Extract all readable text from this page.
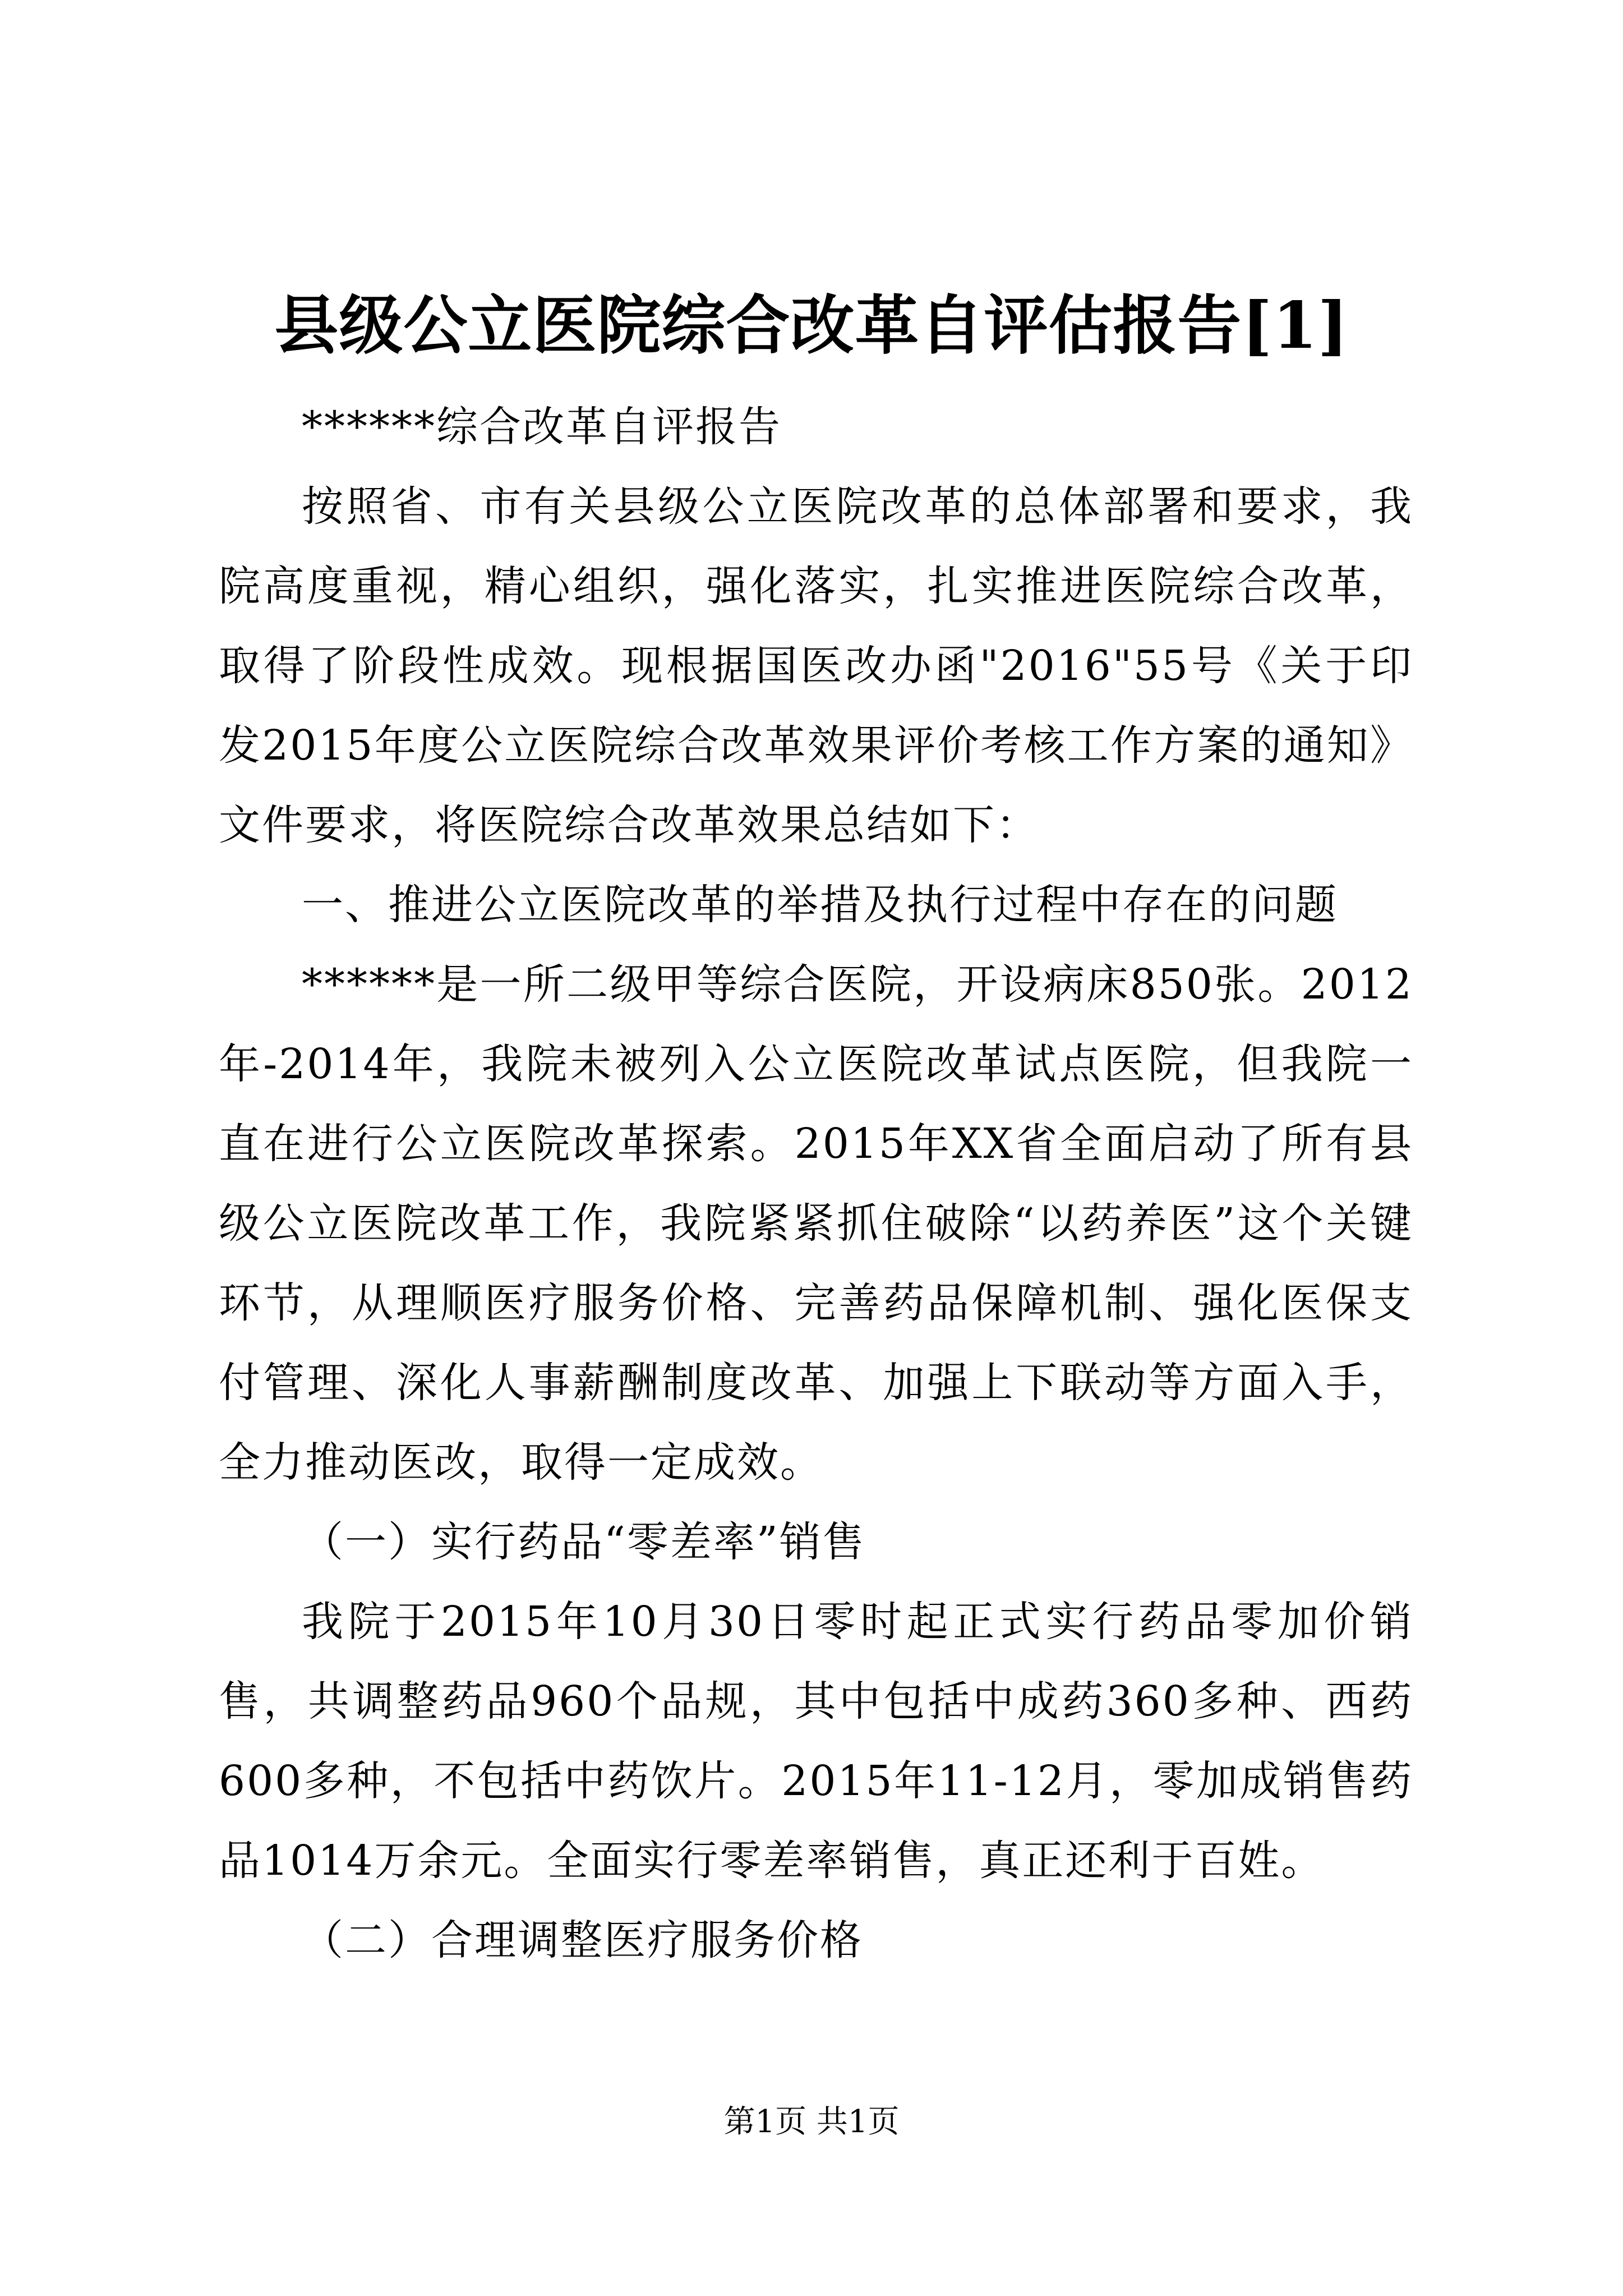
县级公立医院综合改革自评估报告[1]

******综合改革自评报告

按照省、市有关县级公立医院改革的总体部署和要求，我院高度重视，精心组织，强化落实，扎实推进医院综合改革，取得了阶段性成效。现根据国医改办函"2016"55号《关于印发2015年度公立医院综合改革效果评价考核工作方案的通知》文件要求，将医院综合改革效果总结如下：

一、推进公立医院改革的举措及执行过程中存在的问题

******是一所二级甲等综合医院，开设病床850张。2012年-2014年，我院未被列入公立医院改革试点医院，但我院一直在进行公立医院改革探索。2015年XX省全面启动了所有县级公立医院改革工作，我院紧紧抓住破除“以药养医”这个关键环节，从理顺医疗服务价格、完善药品保障机制、强化医保支付管理、深化人事薪酬制度改革、加强上下联动等方面入手，全力推动医改，取得一定成效。

（一）实行药品“零差率”销售

我院于2015年10月30日零时起正式实行药品零加价销售，共调整药品960个品规，其中包括中成药360多种、西药600多种，不包括中药饮片。2015年11-12月，零加成销售药品1014万余元。全面实行零差率销售，真正还利于百姓。

（二）合理调整医疗服务价格

第1页 共1页
